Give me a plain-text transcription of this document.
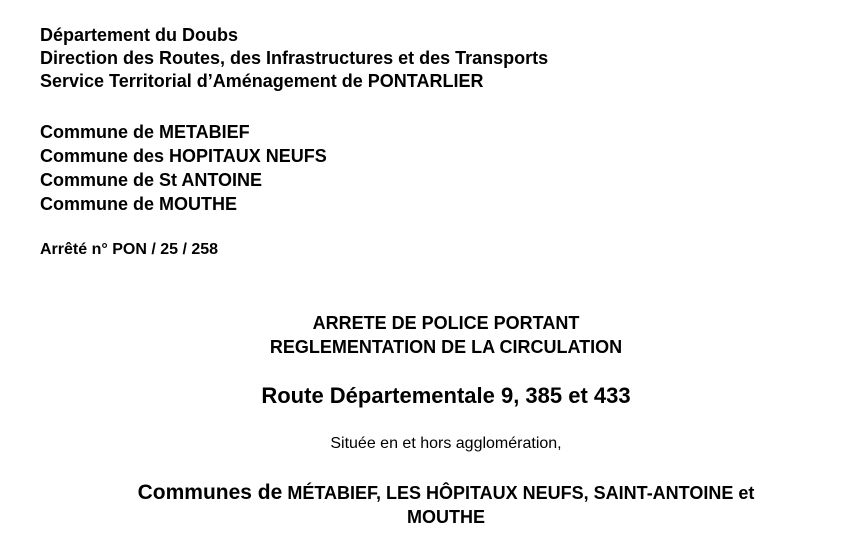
Département du Doubs
Direction des Routes, des Infrastructures et des Transports
Service Territorial d’Aménagement de PONTARLIER
Commune de METABIEF
Commune des HOPITAUX NEUFS
Commune de St ANTOINE
Commune de MOUTHE
Arrêté n° PON / 25 / 258
ARRETE DE POLICE PORTANT
REGLEMENTATION DE LA CIRCULATION
Route Départementale 9, 385 et 433
Située en et hors agglomération,
Communes de MÉTABIEF, LES HÔPITAUX NEUFS, SAINT-ANTOINE et
MOUTHE
